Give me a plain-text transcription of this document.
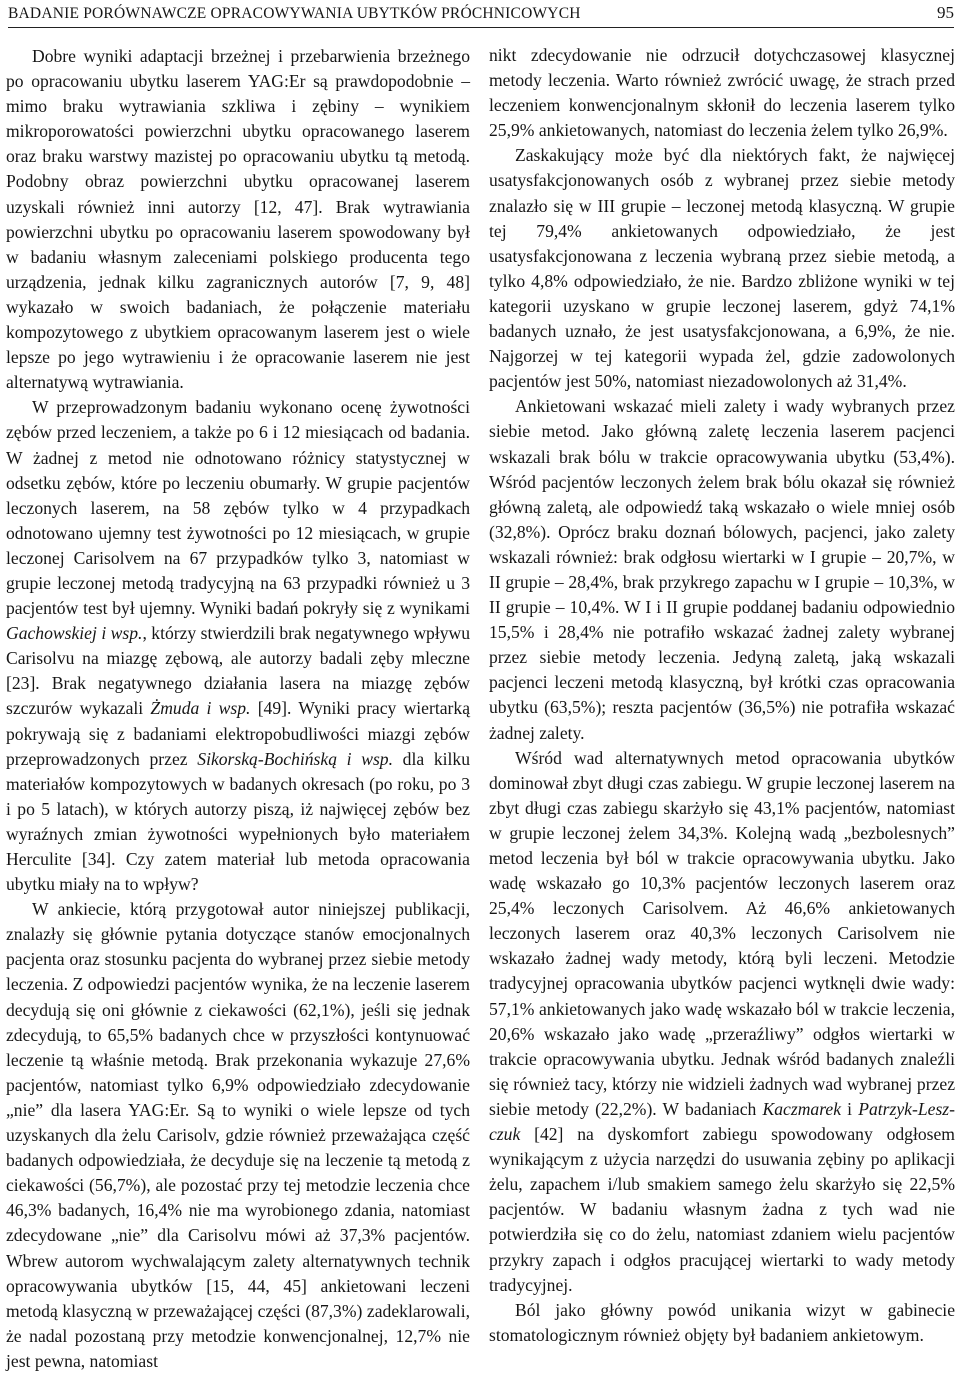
BADANIE PORÓWNAWCZE OPRACOWYWANIA UBYTKÓW PRÓCHNICOWYCH	95

Dobre wyniki adaptacji brzeżnej i przebarwienia brzeżnego po opracowaniu ubytku laserem YAG:Er są prawdopodobnie – mimo braku wytrawiania szkliwa i zębiny – wynikiem mikroporowatości powierzchni ubytku opracowanego laserem oraz braku warstwy mazistej po opracowaniu ubytku tą metodą. Podobny obraz powierzchni ubytku opracowanej laserem uzyskali również inni autorzy [12, 47]. Brak wytrawiania powierzchni ubytku po opracowaniu laserem spowodowany był w badaniu własnym zaleceniami polskiego producenta tego urządzenia, jednak kilku zagranicznych autorów [7, 9, 48] wykazało w swoich badaniach, że połączenie materiału kompozytowego z ubytkiem opracowanym laserem jest o wiele lepsze po jego wytrawieniu i że opracowanie laserem nie jest alternatywą wytrawiania.

W przeprowadzonym badaniu wykonano ocenę żywotności zębów przed leczeniem, a także po 6 i 12 miesiącach od badania. W żadnej z metod nie odnotowano różnicy statystycznej w odsetku zębów, które po leczeniu obumarły. W grupie pacjentów leczonych laserem, na 58 zębów tylko w 4 przypadkach odnotowano ujemny test żywotności po 12 miesiącach, w grupie leczonej Carisolvem na 67 przypadków tylko 3, natomiast w grupie leczonej metodą tradycyjną na 63 przypadki również u 3 pacjentów test był ujemny. Wyniki badań pokryły się z wynikami Gachowskiej i wsp., którzy stwierdzili brak negatywnego wpływu Carisolvu na miazgę zębową, ale autorzy badali zęby mleczne [23]. Brak negatywnego działania lasera na miazgę zębów szczurów wykazali Żmuda i wsp. [49]. Wyniki pracy wiertarką pokrywają się z badaniami elektropobudliwości miazgi zębów przeprowadzonych przez Sikorską-Bochińską i wsp. dla kilku materiałów kompozytowych w badanych okresach (po roku, po 3 i po 5 latach), w których autorzy piszą, iż najwięcej zębów bez wyraźnych zmian żywotności wypełnionych było materiałem Herculite [34]. Czy zatem materiał lub metoda opracowania ubytku miały na to wpływ?

W ankiecie, którą przygotował autor niniejszej publikacji, znalazły się głównie pytania dotyczące stanów emocjonalnych pacjenta oraz stosunku pacjenta do wybranej przez siebie metody leczenia. Z odpowiedzi pacjentów wynika, że na leczenie laserem decydują się oni głównie z ciekawości (62,1%), jeśli się jednak zdecydują, to 65,5% badanych chce w przyszłości kontynuować leczenie tą właśnie metodą. Brak przekonania wykazuje 27,6% pacjentów, natomiast tylko 6,9% odpowiedziało zdecydowanie „nie” dla lasera YAG:Er. Są to wyniki o wiele lepsze od tych uzyskanych dla żelu Carisolv, gdzie również przeważająca część badanych odpowiedziała, że decyduje się na leczenie tą metodą z ciekawości (56,7%), ale pozostać przy tej metodzie leczenia chce 46,3% badanych, 16,4% nie ma wyrobionego zdania, natomiast zdecydowane „nie” dla Carisolvu mówi aż 37,3% pacjentów. Wbrew autorom wychwalającym zalety alternatywnych technik opracowywania ubytków [15, 44, 45] ankietowani leczeni metodą klasyczną w przeważającej części (87,3%) zadeklarowali, że nadal pozostaną przy metodzie konwencjonalnej, 12,7% nie jest pewna, natomiast

nikt zdecydowanie nie odrzucił dotychczasowej klasycznej metody leczenia. Warto również zwrócić uwagę, że strach przed leczeniem konwencjonalnym skłonił do leczenia laserem tylko 25,9% ankietowanych, natomiast do leczenia żelem tylko 26,9%.

Zaskakujący może być dla niektórych fakt, że najwięcej usatysfakcjonowanych osób z wybranej przez siebie metody znalazło się w III grupie – leczonej metodą klasyczną. W grupie tej 79,4% ankietowanych odpowiedziało, że jest usatysfakcjonowana z leczenia wybraną przez siebie metodą, a tylko 4,8% odpowiedziało, że nie. Bardzo zbliżone wyniki w tej kategorii uzyskano w grupie leczonej laserem, gdyż 74,1% badanych uznało, że jest usatysfakcjonowana, a 6,9%, że nie. Najgorzej w tej kategorii wypada żel, gdzie zadowolonych pacjentów jest 50%, natomiast niezadowolonych aż 31,4%.

Ankietowani wskazać mieli zalety i wady wybranych przez siebie metod. Jako główną zaletę leczenia laserem pacjenci wskazali brak bólu w trakcie opracowywania ubytku (53,4%). Wśród pacjentów leczonych żelem brak bólu okazał się również główną zaletą, ale odpowiedź taką wskazało o wiele mniej osób (32,8%). Oprócz braku doznań bólowych, pacjenci, jako zalety wskazali również: brak odgłosu wiertarki w I grupie – 20,7%, w II grupie – 28,4%, brak przykrego zapachu w I grupie – 10,3%, w II grupie – 10,4%. W I i II grupie poddanej badaniu odpowiednio 15,5% i 28,4% nie potrafiło wskazać żadnej zalety wybranej przez siebie metody leczenia. Jedyną zaletą, jaką wskazali pacjenci leczeni metodą klasyczną, był krótki czas opracowania ubytku (63,5%); reszta pacjentów (36,5%) nie potrafiła wskazać żadnej zalety.

Wśród wad alternatywnych metod opracowania ubytków dominował zbyt długi czas zabiegu. W grupie leczonej laserem na zbyt długi czas zabiegu skarżyło się 43,1% pacjentów, natomiast w grupie leczonej żelem 34,3%. Kolejną wadą „bezbolesnych” metod leczenia był ból w trakcie opracowywania ubytku. Jako wadę wskazało go 10,3% pacjentów leczonych laserem oraz 25,4% leczonych Carisolvem. Aż 46,6% ankietowanych leczonych laserem oraz 40,3% leczonych Carisolvem nie wskazało żadnej wady metody, którą byli leczeni. Metodzie tradycyjnej opracowania ubytków pacjenci wytknęli dwie wady: 57,1% ankietowanych jako wadę wskazało ból w trakcie leczenia, 20,6% wskazało jako wadę „przeraźliwy” odgłos wiertarki w trakcie opracowywania ubytku. Jednak wśród badanych znaleźli się również tacy, którzy nie widzieli żadnych wad wybranej przez siebie metody (22,2%). W badaniach Kaczmarek i Patrzyk-Leszczuk [42] na dyskomfort zabiegu spowodowany odgłosem wynikającym z użycia narzędzi do usuwania zębiny po aplikacji żelu, zapachem i/lub smakiem samego żelu skarżyło się 22,5% pacjentów. W badaniu własnym żadna z tych wad nie potwierdziła się co do żelu, natomiast zdaniem wielu pacjentów przykry zapach i odgłos pracującej wiertarki to wady metody tradycyjnej.

Ból jako główny powód unikania wizyt w gabinecie stomatologicznym również objęty był badaniem ankietowym.
